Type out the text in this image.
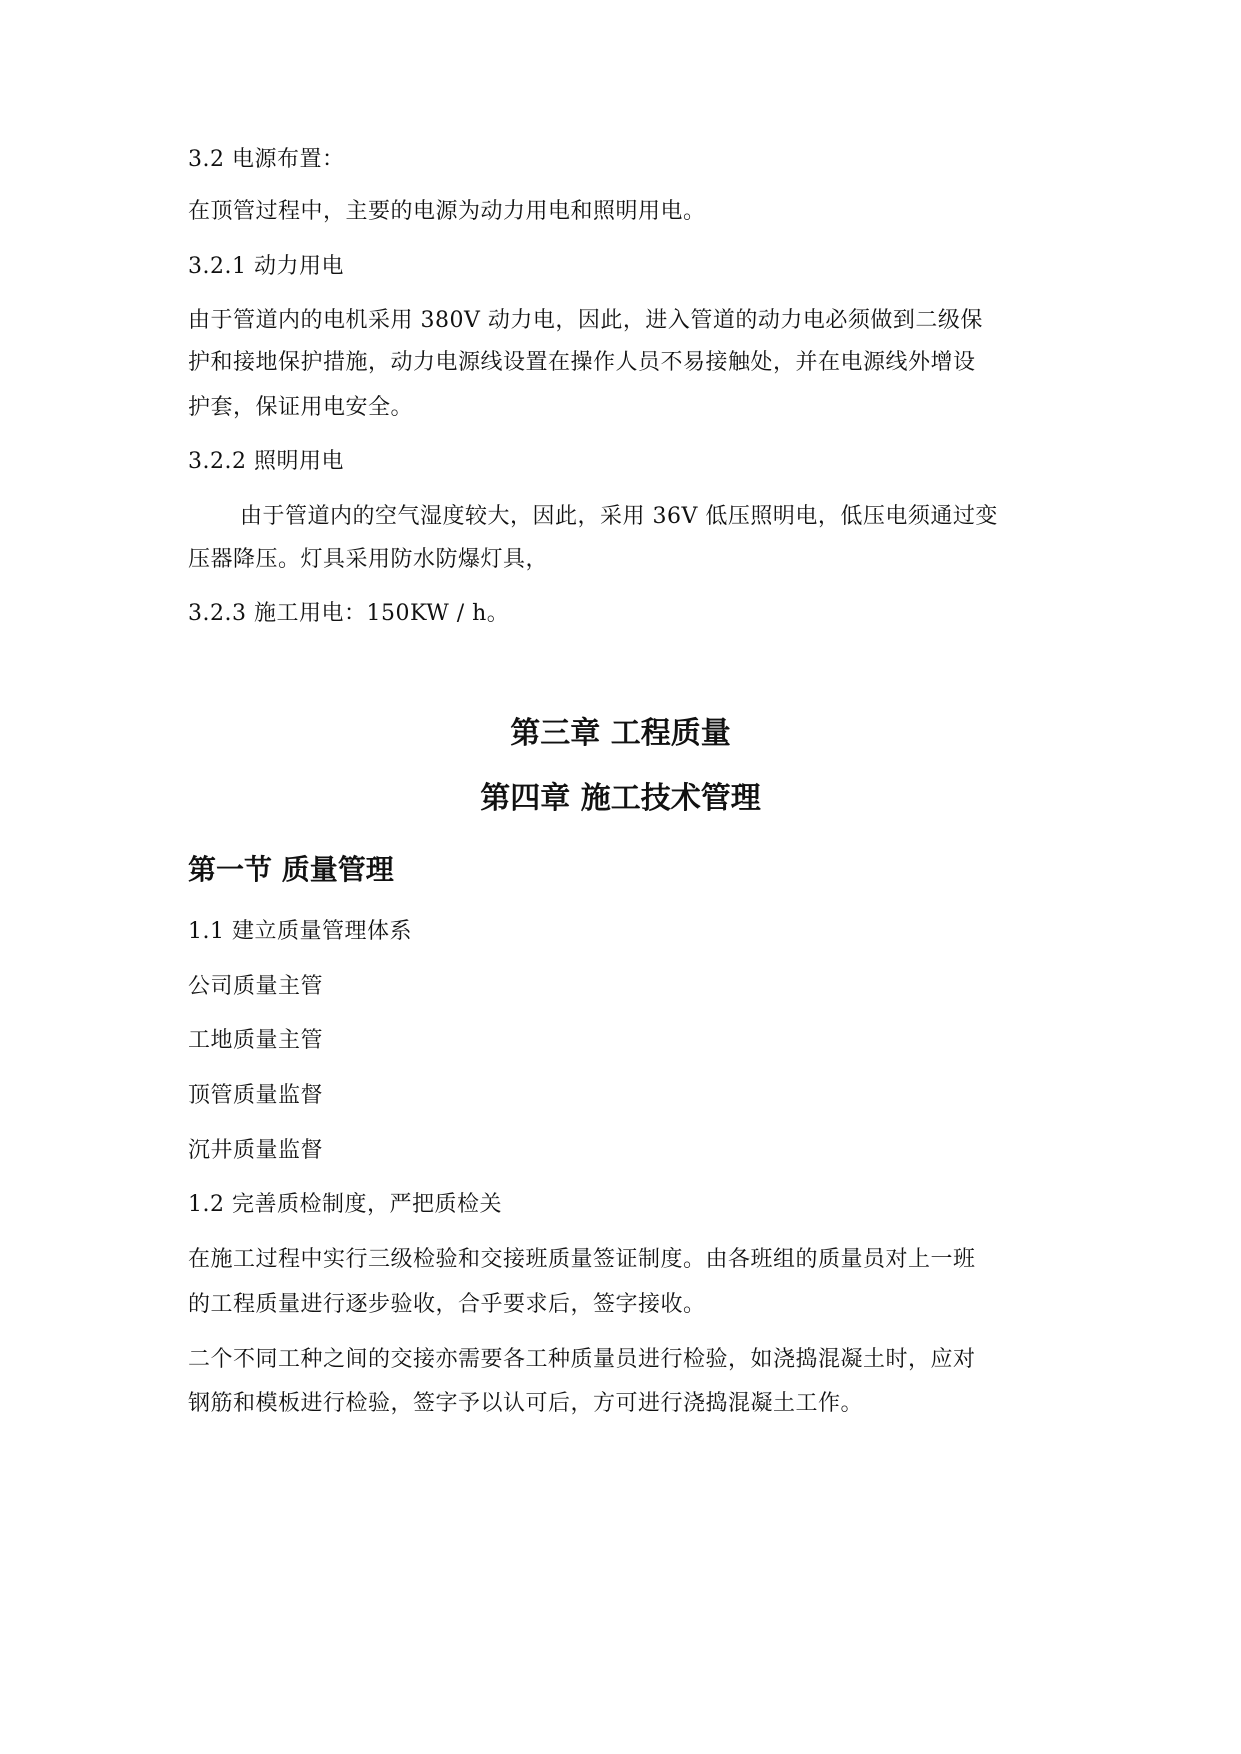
3.2 电源布置：
在顶管过程中，主要的电源为动力用电和照明用电。
3.2.1 动力用电
由于管道内的电机采用 380V 动力电，因此，进入管道的动力电必须做到二级保
护和接地保护措施，动力电源线设置在操作人员不易接触处，并在电源线外增设
护套，保证用电安全。
3.2.2 照明用电
由于管道内的空气湿度较大，因此，采用 36V 低压照明电，低压电须通过变
压器降压。灯具采用防水防爆灯具，
3.2.3 施工用电：150KW / h。
第三章 工程质量
第四章 施工技术管理
第一节 质量管理
1.1 建立质量管理体系
公司质量主管
工地质量主管
顶管质量监督
沉井质量监督
1.2 完善质检制度，严把质检关
在施工过程中实行三级检验和交接班质量签证制度。由各班组的质量员对上一班
的工程质量进行逐步验收，合乎要求后，签字接收。
二个不同工种之间的交接亦需要各工种质量员进行检验，如浇捣混凝土时，应对
钢筋和模板进行检验，签字予以认可后，方可进行浇捣混凝土工作。
